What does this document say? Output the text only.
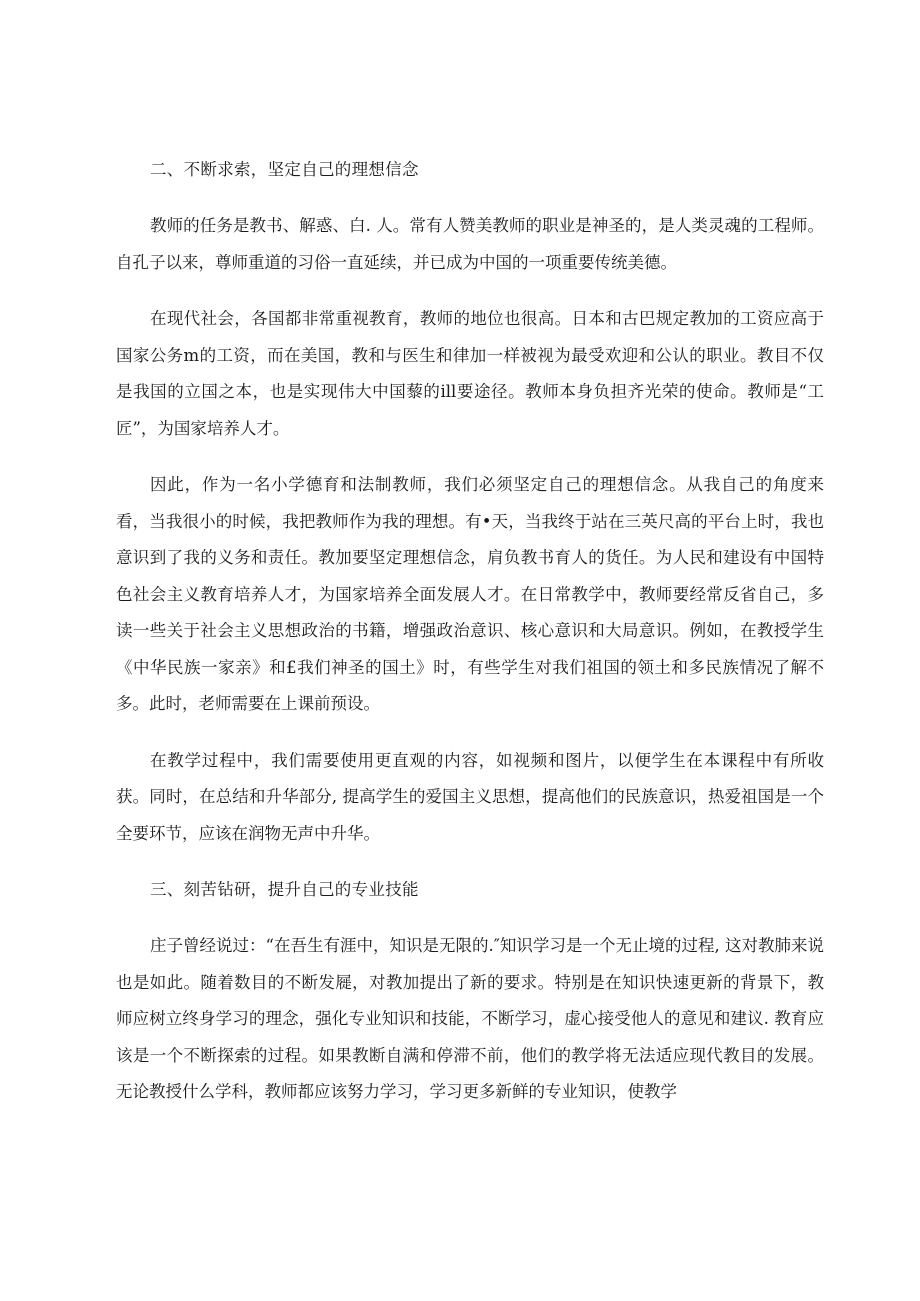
二、不断求索，坚定自己的理想信念

教师的任务是教书、解惑、白. 人。常有人赞美教师的职业是神圣的，是人类灵魂的工程师。自孔子以来，尊师重道的习俗一直延续，并已成为中国的一项重要传统美德。

在现代社会，各国都非常重视教育，教师的地位也很高。日本和古巴规定教加的工资应高于国家公务m的工资，而在美国，教和与医生和律加一样被视为最受欢迎和公认的职业。教目不仅是我国的立国之本，也是实现伟大中国藜的ill要途径。教师本身负担齐光荣的使命。教师是“工匠”，为国家培养人才。

因此，作为一名小学德育和法制教师，我们必须坚定自己的理想信念。从我自己的角度来看，当我很小的时候，我把教师作为我的理想。有•天，当我终于站在三英尺高的平台上时，我也意识到了我的义务和责任。教加要坚定理想信念，肩负教书育人的货任。为人民和建设有中国特色社会主义教育培养人才，为国家培养全面发展人才。在日常教学中，教师要经常反省自己，多读一些关于社会主义思想政治的书籍，增强政治意识、核心意识和大局意识。例如，在教授学生《中华民族一家亲》和£我们神圣的国土》时，有些学生对我们祖国的领土和多民族情况了解不多。此时，老师需要在上课前预设。

在教学过程中，我们需要使用更直观的内容，如视频和图片，以便学生在本课程中有所收获。同时，在总结和升华部分, 提高学生的爱国主义思想，提高他们的民族意识，热爱祖国是一个全要环节，应该在润物无声中升华。

三、刻苦钻研，提升自己的专业技能

庄子曾经说过：“在吾生有涯中，知识是无限的.″知识学习是一个无止境的过程, 这对教肺来说也是如此。随着数目的不断发屣，对教加提出了新的要求。特别是在知识快速更新的背景下，教师应树立终身学习的理念，强化专业知识和技能，不断学习，虚心接受他人的意见和建议. 教育应该是一个不断探索的过程。如果教断自满和停滞不前，他们的教学将无法适应现代教目的发展。无论教授什么学科，教师都应该努力学习，学习更多新鲜的专业知识，使教学
